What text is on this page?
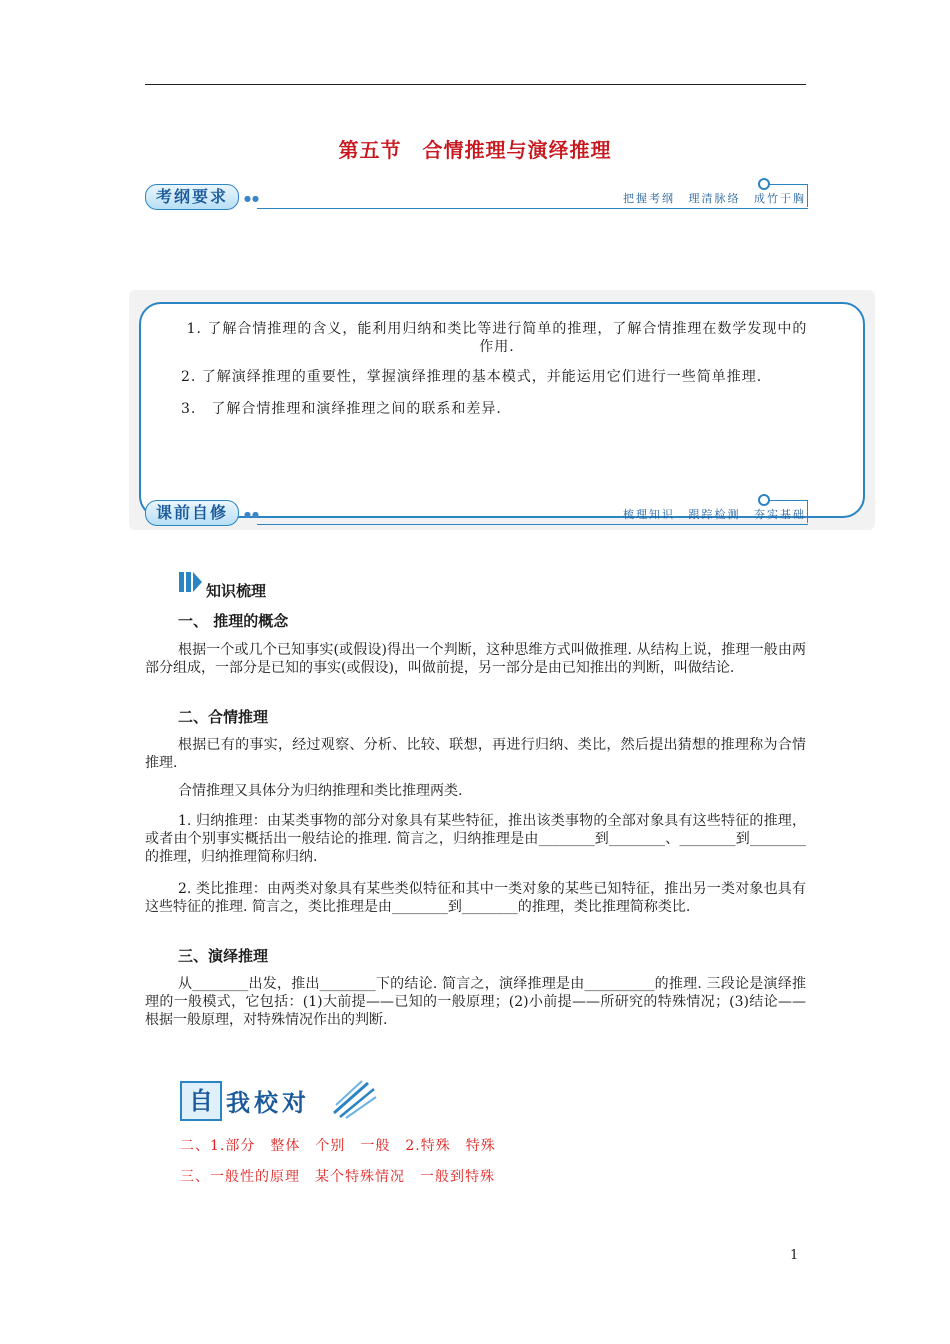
第五节　合情推理与演绎推理
考纲要求	●●	把握考纲 理清脉络 成竹于胸
1. 了解合情推理的含义，能利用归纳和类比等进行简单的推理，了解合情推理在数学发现中的作用.
2. 了解演绎推理的重要性，掌握演绎推理的基本模式，并能运用它们进行一些简单推理.
3.　了解合情推理和演绎推理之间的联系和差异.
课前自修	●●	梳理知识 跟踪检测 夯实基础
知识梳理
一、 推理的概念
根据一个或几个已知事实(或假设)得出一个判断，这种思维方式叫做推理. 从结构上说，推理一般由两部分组成，一部分是已知的事实(或假设)，叫做前提，另一部分是由已知推出的判断，叫做结论.
二、合情推理
根据已有的事实，经过观察、分析、比较、联想，再进行归纳、类比，然后提出猜想的推理称为合情推理.
合情推理又具体分为归纳推理和类比推理两类.
1. 归纳推理：由某类事物的部分对象具有某些特征，推出该类事物的全部对象具有这些特征的推理，或者由个别事实概括出一般结论的推理. 简言之，归纳推理是由________到________、________到________的推理，归纳推理简称归纳.
2. 类比推理：由两类对象具有某些类似特征和其中一类对象的某些已知特征，推出另一类对象也具有这些特征的推理. 简言之，类比推理是由________到________的推理，类比推理简称类比.
三、演绎推理
从________出发，推出________下的结论. 简言之，演绎推理是由__________的推理. 三段论是演绎推理的一般模式，它包括：(1)大前提——已知的一般原理；(2)小前提——所研究的特殊情况；(3)结论——根据一般原理，对特殊情况作出的判断.
自 我校对
二、1.部分　整体　个别　一般　2.特殊　特殊
三、一般性的原理　某个特殊情况　一般到特殊
1
